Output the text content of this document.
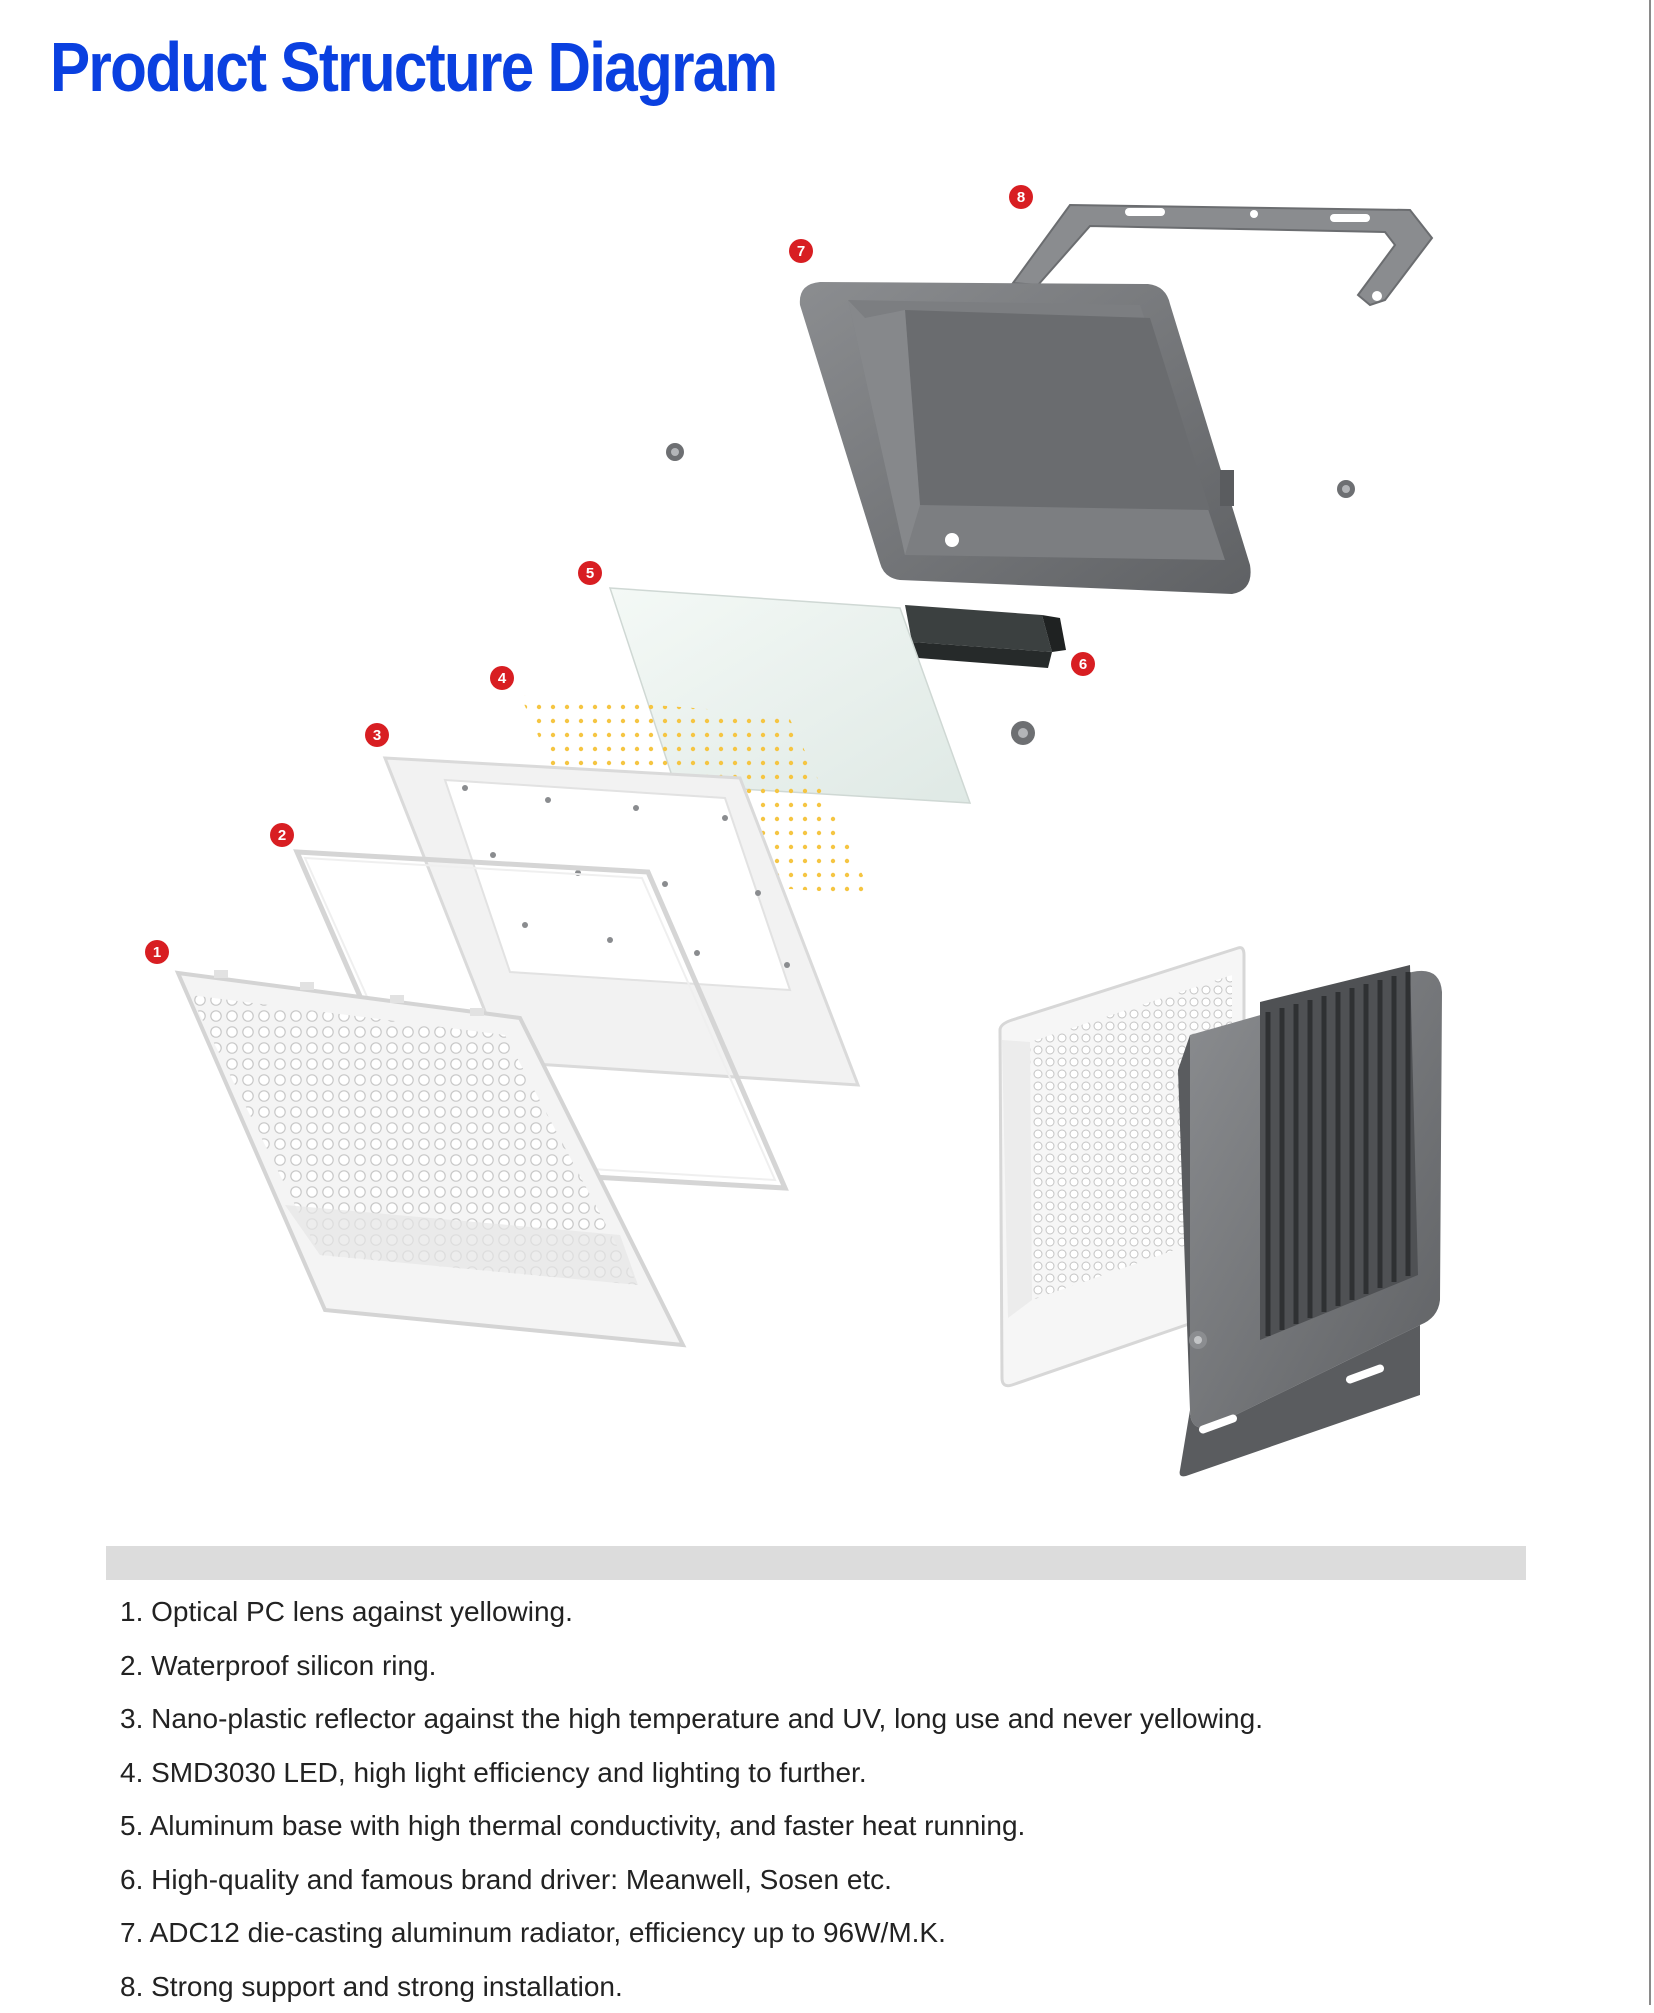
Product Structure Diagram
1
2
3
4
5
6
7
8
1. Optical PC lens against yellowing.
2. Waterproof silicon ring.
3. Nano-plastic reflector against the high temperature and UV, long use and never yellowing.
4. SMD3030 LED, high light efficiency and lighting to further.
5. Aluminum base with high thermal conductivity, and faster heat running.
6. High-quality and famous brand driver: Meanwell, Sosen etc.
7. ADC12 die-casting aluminum radiator, efficiency up to 96W/M.K.
8. Strong support and strong installation.
